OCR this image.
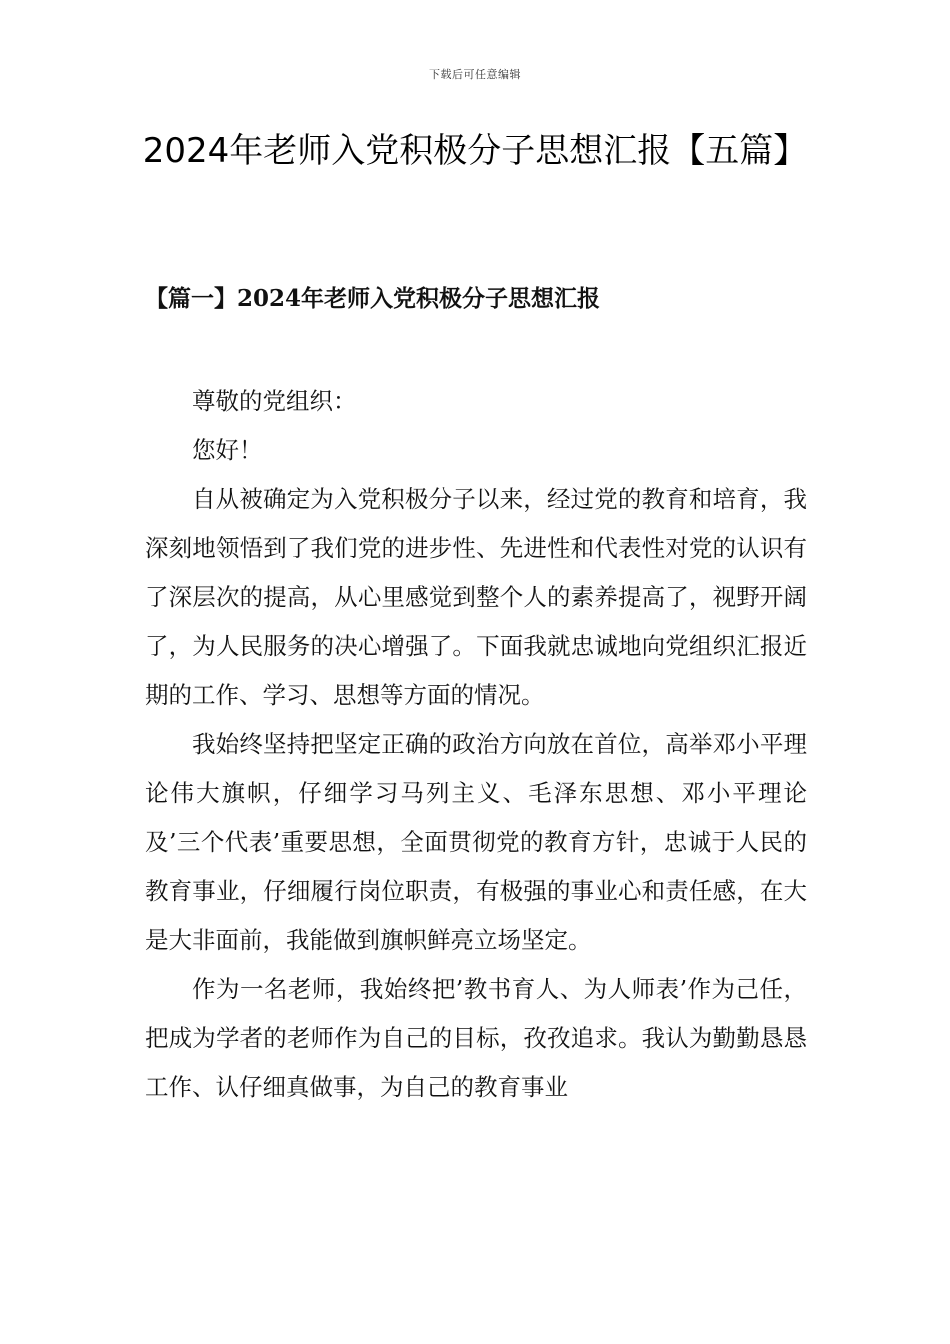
下载后可任意编辑
2024年老师入党积极分子思想汇报【五篇】
【篇一】2024年老师入党积极分子思想汇报

尊敬的党组织：

您好！

自从被确定为入党积极分子以来，经过党的教育和培育，我深刻地领悟到了我们党的进步性、先进性和代表性对党的认识有了深层次的提高，从心里感觉到整个人的素养提高了，视野开阔了，为人民服务的决心增强了。下面我就忠诚地向党组织汇报近期的工作、学习、思想等方面的情况。

我始终坚持把坚定正确的政治方向放在首位，高举邓小平理论伟大旗帜，仔细学习马列主义、毛泽东思想、邓小平理论及’三个代表’重要思想，全面贯彻党的教育方针，忠诚于人民的教育事业，仔细履行岗位职责，有极强的事业心和责任感，在大是大非面前，我能做到旗帜鲜亮立场坚定。

作为一名老师，我始终把’教书育人、为人师表’作为己任，把成为学者的老师作为自己的目标，孜孜追求。我认为勤勤恳恳工作、认仔细真做事，为自己的教育事业
